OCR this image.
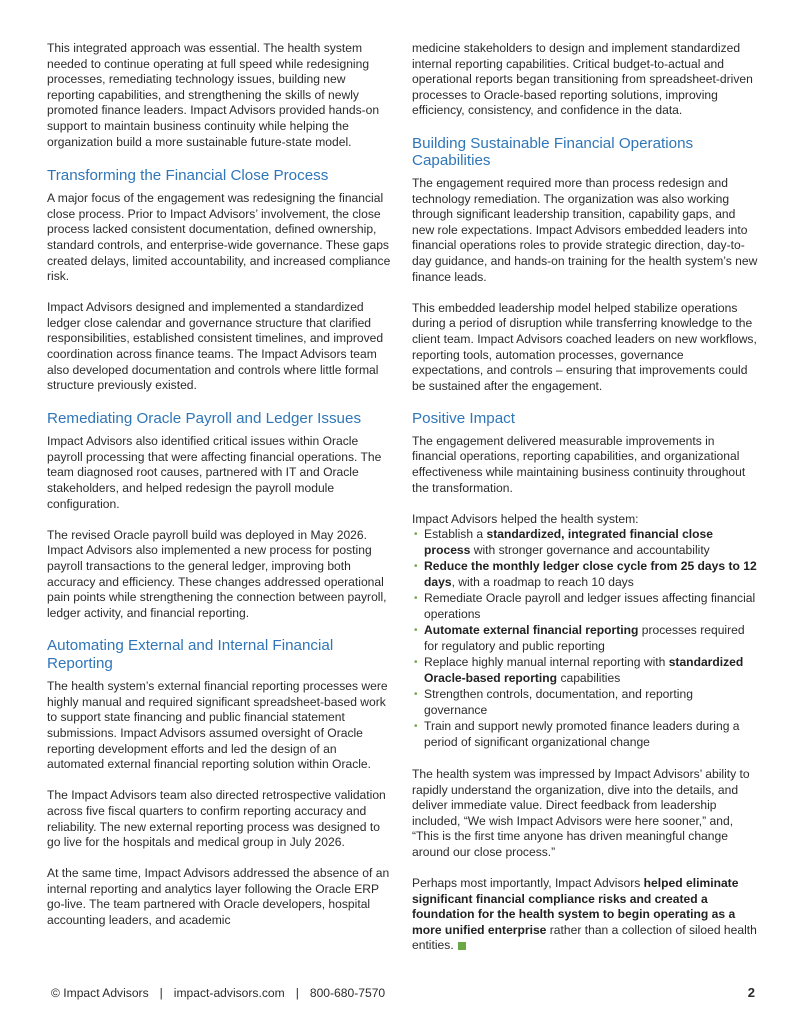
This integrated approach was essential. The health system needed to continue operating at full speed while redesigning processes, remediating technology issues, building new reporting capabilities, and strengthening the skills of newly promoted finance leaders. Impact Advisors provided hands-on support to maintain business continuity while helping the organization build a more sustainable future-state model.

Transforming the Financial Close Process

A major focus of the engagement was redesigning the financial close process. Prior to Impact Advisors’ involvement, the close process lacked consistent documentation, defined ownership, standard controls, and enterprise-wide governance. These gaps created delays, limited accountability, and increased compliance risk.

Impact Advisors designed and implemented a standardized ledger close calendar and governance structure that clarified responsibilities, established consistent timelines, and improved coordination across finance teams. The Impact Advisors team also developed documentation and controls where little formal structure previously existed.

Remediating Oracle Payroll and Ledger Issues

Impact Advisors also identified critical issues within Oracle payroll processing that were affecting financial operations. The team diagnosed root causes, partnered with IT and Oracle stakeholders, and helped redesign the payroll module configuration.

The revised Oracle payroll build was deployed in May 2026. Impact Advisors also implemented a new process for posting payroll transactions to the general ledger, improving both accuracy and efficiency. These changes addressed operational pain points while strengthening the connection between payroll, ledger activity, and financial reporting.

Automating External and Internal Financial Reporting

The health system’s external financial reporting processes were highly manual and required significant spreadsheet-based work to support state financing and public financial statement submissions. Impact Advisors assumed oversight of Oracle reporting development efforts and led the design of an automated external financial reporting solution within Oracle.

The Impact Advisors team also directed retrospective validation across five fiscal quarters to confirm reporting accuracy and reliability. The new external reporting process was designed to go live for the hospitals and medical group in July 2026.

At the same time, Impact Advisors addressed the absence of an internal reporting and analytics layer following the Oracle ERP go-live. The team partnered with Oracle developers, hospital accounting leaders, and academic

medicine stakeholders to design and implement standardized internal reporting capabilities. Critical budget-to-actual and operational reports began transitioning from spreadsheet-driven processes to Oracle-based reporting solutions, improving efficiency, consistency, and confidence in the data.

Building Sustainable Financial Operations Capabilities

The engagement required more than process redesign and technology remediation. The organization was also working through significant leadership transition, capability gaps, and new role expectations. Impact Advisors embedded leaders into financial operations roles to provide strategic direction, day-to-day guidance, and hands-on training for the health system’s new finance leads.

This embedded leadership model helped stabilize operations during a period of disruption while transferring knowledge to the client team. Impact Advisors coached leaders on new workflows, reporting tools, automation processes, governance expectations, and controls – ensuring that improvements could be sustained after the engagement.

Positive Impact

The engagement delivered measurable improvements in financial operations, reporting capabilities, and organizational effectiveness while maintaining business continuity throughout the transformation.

Impact Advisors helped the health system:

• Establish a standardized, integrated financial close process with stronger governance and accountability
• Reduce the monthly ledger close cycle from 25 days to 12 days, with a roadmap to reach 10 days
• Remediate Oracle payroll and ledger issues affecting financial operations
• Automate external financial reporting processes required for regulatory and public reporting
• Replace highly manual internal reporting with standardized Oracle-based reporting capabilities
• Strengthen controls, documentation, and reporting governance
• Train and support newly promoted finance leaders during a period of significant organizational change

The health system was impressed by Impact Advisors’ ability to rapidly understand the organization, dive into the details, and deliver immediate value. Direct feedback from leadership included, “We wish Impact Advisors were here sooner,” and, “This is the first time anyone has driven meaningful change around our close process.”

Perhaps most importantly, Impact Advisors helped eliminate significant financial compliance risks and created a foundation for the health system to begin operating as a more unified enterprise rather than a collection of siloed health entities.

© Impact Advisors | impact-advisors.com | 800-680-7570	2
